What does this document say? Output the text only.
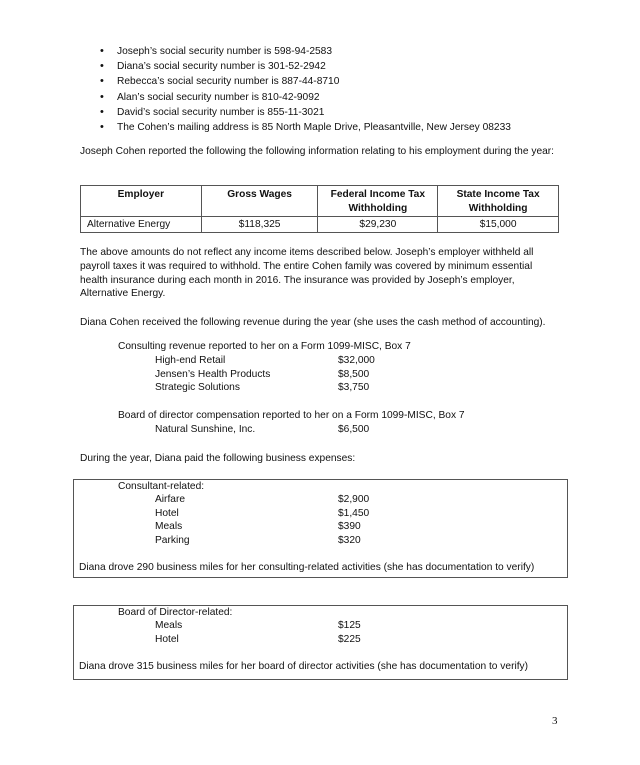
• Joseph’s social security number is 598-94-2583
• Diana’s social security number is 301-52-2942
• Rebecca’s social security number is 887-44-8710
• Alan’s social security number is 810-42-9092
• David’s social security number is 855-11-3021
• The Cohen’s mailing address is 85 North Maple Drive, Pleasantville, New Jersey 08233
Joseph Cohen reported the following the following information relating to his employment during the year:
Employer	Gross Wages	Federal Income Tax Withholding	State Income Tax Withholding
Alternative Energy	$118,325	$29,230	$15,000
The above amounts do not reflect any income items described below. Joseph’s employer withheld all payroll taxes it was required to withhold. The entire Cohen family was covered by minimum essential health insurance during each month in 2016. The insurance was provided by Joseph’s employer, Alternative Energy.
Diana Cohen received the following revenue during the year (she uses the cash method of accounting).
Consulting revenue reported to her on a Form 1099-MISC, Box 7
High-end Retail	$32,000
Jensen’s Health Products	$8,500
Strategic Solutions	$3,750
Board of director compensation reported to her on a Form 1099-MISC, Box 7
Natural Sunshine, Inc.	$6,500
During the year, Diana paid the following business expenses:
Consultant-related:
Airfare	$2,900
Hotel	$1,450
Meals	$390
Parking	$320
Diana drove 290 business miles for her consulting-related activities (she has documentation to verify)
Board of Director-related:
Meals	$125
Hotel	$225
Diana drove 315 business miles for her board of director activities (she has documentation to verify)
3
